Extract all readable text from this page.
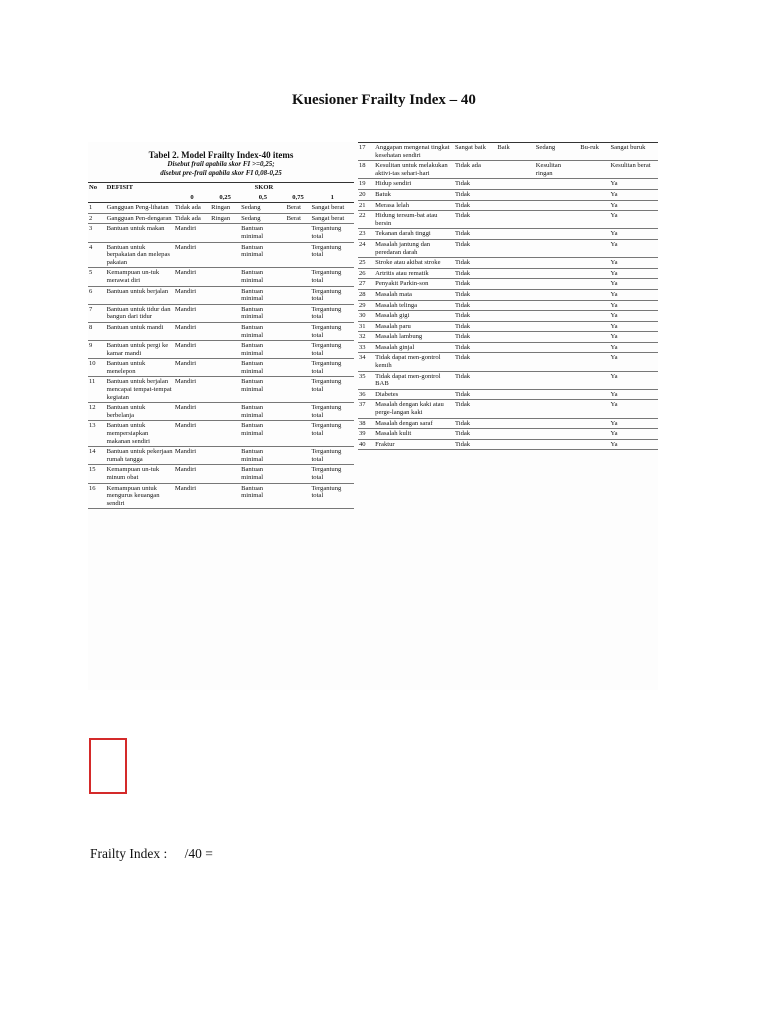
Kuesioner Frailty Index – 40
Tabel 2. Model Frailty Index-40 items
Disebut frail apabila skor FI >=0,25;
disebut pre-frail apabila skor FI 0,08-0,25
No	DEFISIT	SKOR				
		0	0,25	0,5	0,75	1
1	Gangguan Peng-lihatan	Tidak ada	Ringan	Sedang	Berat	Sangat berat
2	Gangguan Pen-dengaran	Tidak ada	Ringan	Sedang	Berat	Sangat berat
3	Bantuan untuk makan	Mandiri		Bantuan minimal		Tergantung total
4	Bantuan untuk berpakaian dan melepas pakaian	Mandiri		Bantuan minimal		Tergantung total
5	Kemampuan un-tuk merawat diri	Mandiri		Bantuan minimal		Tergantung total
6	Bantuan untuk berjalan	Mandiri		Bantuan minimal		Tergantung total
7	Bantuan untuk tidur dan bangun dari tidur	Mandiri		Bantuan minimal		Tergantung total
8	Bantuan untuk mandi	Mandiri		Bantuan minimal		Tergantung total
9	Bantuan untuk pergi ke kamar mandi	Mandiri		Bantuan minimal		Tergantung total
10	Bantuan untuk menelepon	Mandiri		Bantuan minimal		Tergantung total
11	Bantuan untuk berjalan mencapai tempat-tempat kegiatan	Mandiri		Bantuan minimal		Tergantung total
12	Bantuan untuk berbelanja	Mandiri		Bantuan minimal		Tergantung total
13	Bantuan untuk mempersiapkan makanan sendiri	Mandiri		Bantuan minimal		Tergantung total
14	Bantuan untuk pekerjaan rumah tangga	Mandiri		Bantuan minimal		Tergantung total
15	Kemampuan un-tuk minum obat	Mandiri		Bantuan minimal		Tergantung total
16	Kemampuan untuk mengurus keuangan sendiri	Mandiri		Bantuan minimal		Tergantung total
17	Anggapan mengenai tingkat kesehatan sendiri	Sangat baik	Baik	Sedang	Bu-ruk	Sangat buruk
18	Kesulitan untuk melakukan aktivi-tas sehari-hari	Tidak ada		Kesulitan ringan		Kesulitan berat
19	Hidup sendiri	Tidak				Ya
20	Batuk	Tidak				Ya
21	Merasa lelah	Tidak				Ya
22	Hidung tersum-bat atau bersin	Tidak				Ya
23	Tekanan darah tinggi	Tidak				Ya
24	Masalah jantung dan peredaran darah	Tidak				Ya
25	Stroke atau akibat stroke	Tidak				Ya
26	Artritis atau rematik	Tidak				Ya
27	Penyakit Parkin-son	Tidak				Ya
28	Masalah mata	Tidak				Ya
29	Masalah telinga	Tidak				Ya
30	Masalah gigi	Tidak				Ya
31	Masalah paru	Tidak				Ya
32	Masalah lambung	Tidak				Ya
33	Masalah ginjal	Tidak				Ya
34	Tidak dapat men-gontrol kemih	Tidak				Ya
35	Tidak dapat men-gontrol BAB	Tidak				Ya
36	Diabetes	Tidak				Ya
37	Masalah dengan kaki atau perge-langan kaki	Tidak				Ya
38	Masalah dengan saraf	Tidak				Ya
39	Masalah kulit	Tidak				Ya
40	Fraktur	Tidak				Ya
Frailty Index : /40 =
